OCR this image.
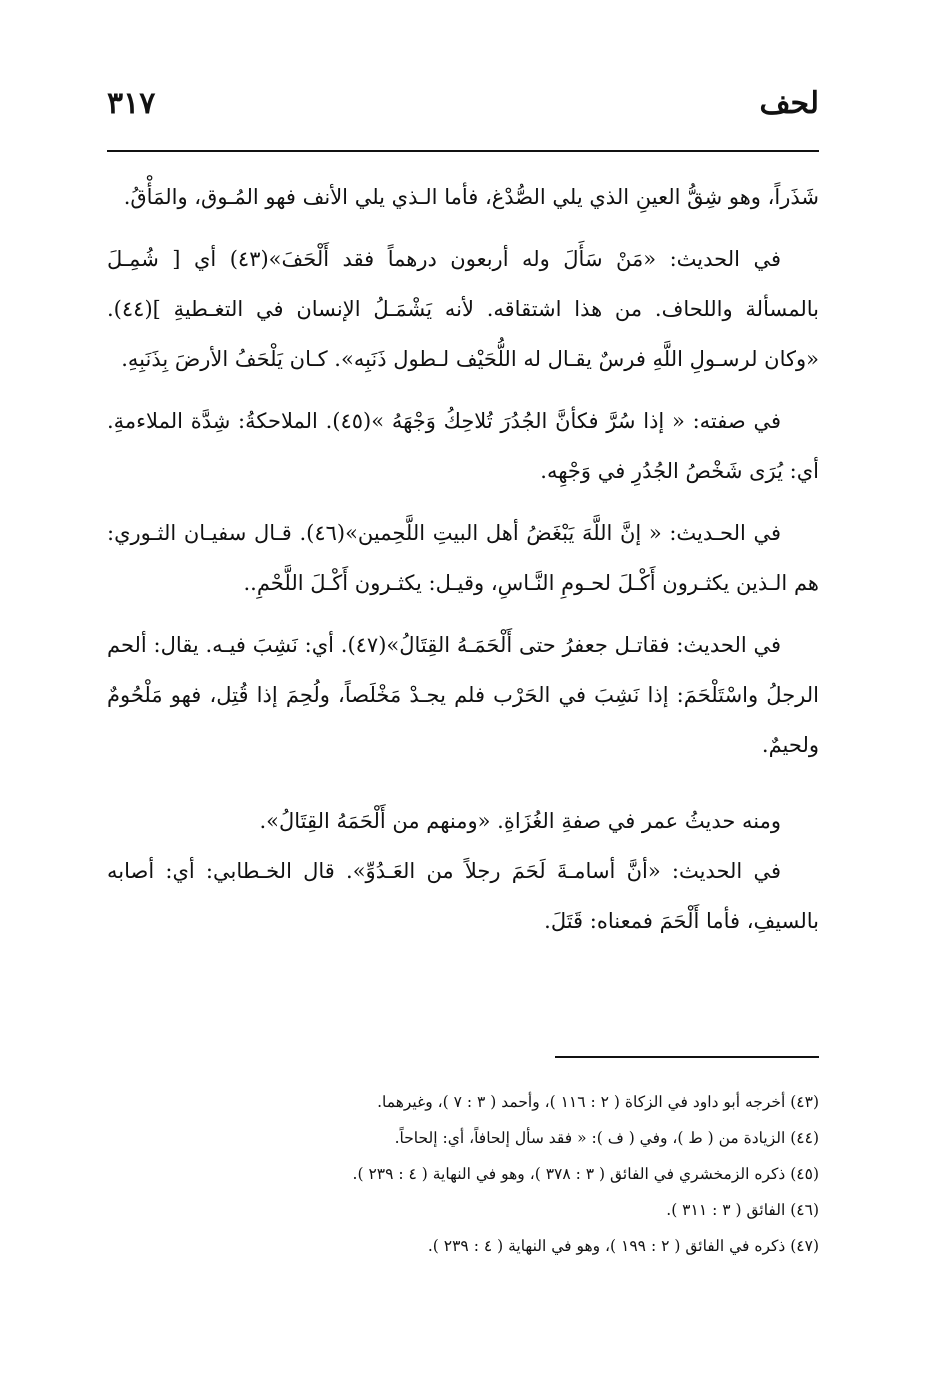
٣١٧	لحف

شَذَراً، وهو شِقُّ العينِ الذي يلي الصُّدْغ، فأما الـذي يلي الأنف فهو المُـوق، والمَأْقُ.

في الحديث: «مَنْ سَأَلَ وله أربعون درهماً فقد أَلْحَفَ»(٤٣) أي [ شُمِـلَ بالمسألة واللحاف. من هذا اشتقاقه. لأنه يَشْمَـلُ الإنسان في التغـطيةِ ](٤٤). «وكان لرسـولِ اللَّهِ فرسٌ يقـال له اللُّحَيْف لـطول ذَنَبِه». كـان يَلْحَفُ الأرضَ بِذَنَبِهِ.

في صفته: « إذا سُرَّ فكأنَّ الجُدُرَ تُلاحِكُ وَجْهَهُ »(٤٥). الملاحكةُ: شِدَّة الملاءمةِ. أي: يُرَى شَخْصُ الجُدُرِ في وَجْهِه.

في الحـديث: « إنَّ اللَّهَ يَبْغَضُ أهل البيتِ اللَّحِمين»(٤٦). قـال سفيـان الثـوري: هم الـذين يكثـرون أَكْـلَ لحـومِ النَّـاسِ، وقيـل: يكثـرون أَكْـلَ اللَّحْمِ..

في الحديث: فقاتـل جعفرُ حتى أَلْحَمَـهُ القِتَالُ»(٤٧). أي: نَشِبَ فيـه. يقال: ألحم الرجلُ واسْتَلْحَمَ: إذا نَشِبَ في الحَرْب فلم يجـدْ مَخْلَصاً، ولُحِمَ إذا قُتِل، فهو مَلْحُومٌ ولحيمٌ.

ومنه حديثُ عمر في صفةِ الغُزَاةِ. «ومنهم من أَلْحَمَهُ القِتَالُ».

في الحديث: «أنَّ أسامـةَ لَحَمَ رجلاً من العَـدُوِّ». قال الخـطابي: أي: أصابه بالسيفِ، فأما أَلْحَمَ فمعناه: قَتَلَ.

(٤٣) أخرجه أبو داود في الزكاة ( ٢ : ١١٦ )، وأحمد ( ٣ : ٧ )، وغيرهما.
(٤٤) الزيادة من ( ط )، وفي ( ف ): « فقد سأل إلحافاً، أي: إلحاحاً.
(٤٥) ذكره الزمخشري في الفائق ( ٣ : ٣٧٨ )، وهو في النهاية ( ٤ : ٢٣٩ ).
(٤٦) الفائق ( ٣ : ٣١١ ).
(٤٧) ذكره في الفائق ( ٢ : ١٩٩ )، وهو في النهاية ( ٤ : ٢٣٩ ).
